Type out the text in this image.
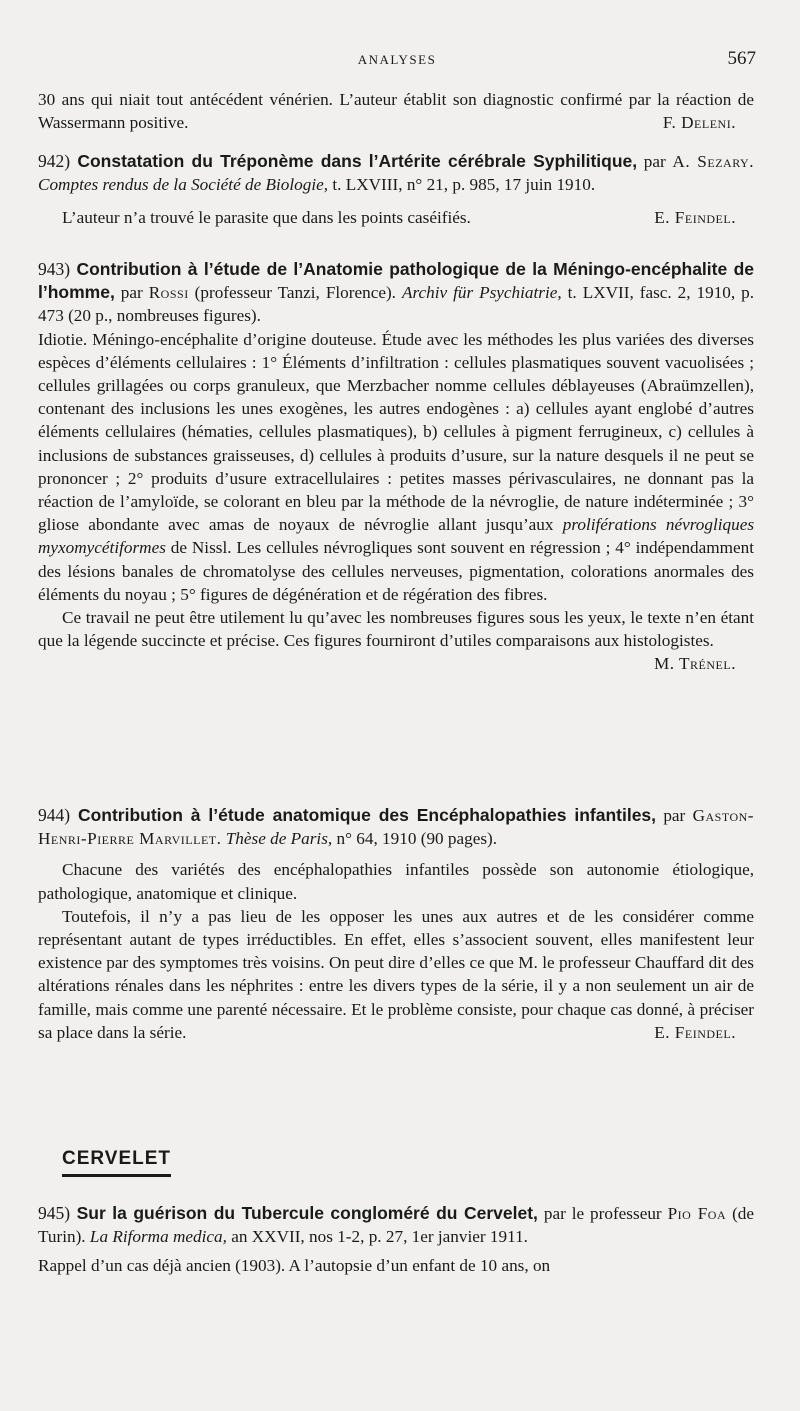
ANALYSES	567

30 ans qui niait tout antécédent vénérien. L’auteur établit son diagnostic confirmé par la réaction de Wassermann positive.	F. Deleni.

942) Constatation du Tréponème dans l’Artérite cérébrale Syphilitique, par A. Sezary. Comptes rendus de la Société de Biologie, t. LXVIII, n° 21, p. 985, 17 juin 1910.

L’auteur n’a trouvé le parasite que dans les points caséifiés.	E. Feindel.

943) Contribution à l’étude de l’Anatomie pathologique de la Méningo-encéphalite de l’homme, par Rossi (professeur Tanzi, Florence). Archiv für Psychiatrie, t. LXVII, fasc. 2, 1910, p. 473 (20 p., nombreuses figures).

Idiotie. Méningo-encéphalite d’origine douteuse. Étude avec les méthodes les plus variées des diverses espèces d’éléments cellulaires : 1° Éléments d’infiltration : cellules plasmatiques souvent vacuolisées ; cellules grillagées ou corps granuleux, que Merzbacher nomme cellules déblayeuses (Abraümzellen), contenant des inclusions les unes exogènes, les autres endogènes : a) cellules ayant englobé d’autres éléments cellulaires (hématies, cellules plasmatiques), b) cellules à pigment ferrugineux, c) cellules à inclusions de substances graisseuses, d) cellules à produits d’usure, sur la nature desquels il ne peut se prononcer ; 2° produits d’usure extracellulaires : petites masses périvasculaires, ne donnant pas la réaction de l’amyloïde, se colorant en bleu par la méthode de la névroglie, de nature indéterminée ; 3° gliose abondante avec amas de noyaux de névroglie allant jusqu’aux proliférations névrogliques myxomycétiformes de Nissl. Les cellules névrogliques sont souvent en régression ; 4° indépendamment des lésions banales de chromatolyse des cellules nerveuses, pigmentation, colorations anormales des éléments du noyau ; 5° figures de dégénération et de régération des fibres.

Ce travail ne peut être utilement lu qu’avec les nombreuses figures sous les yeux, le texte n’en étant que la légende succincte et précise. Ces figures fourniront d’utiles comparaisons aux histologistes.
M. Trénel.

944) Contribution à l’étude anatomique des Encéphalopathies infantiles, par Gaston-Henri-Pierre Marvillet. Thèse de Paris, n° 64, 1910 (90 pages).

Chacune des variétés des encéphalopathies infantiles possède son autonomie étiologique, pathologique, anatomique et clinique.

Toutefois, il n’y a pas lieu de les opposer les unes aux autres et de les considérer comme représentant autant de types irréductibles. En effet, elles s’associent souvent, elles manifestent leur existence par des symptomes très voisins. On peut dire d’elles ce que M. le professeur Chauffard dit des altérations rénales dans les néphrites : entre les divers types de la série, il y a non seulement un air de famille, mais comme une parenté nécessaire. Et le problème consiste, pour chaque cas donné, à préciser sa place dans la série.	E. Feindel.

CERVELET

945) Sur la guérison du Tubercule congloméré du Cervelet, par le professeur Pio Foa (de Turin). La Riforma medica, an XXVII, nos 1-2, p. 27, 1er janvier 1911.

Rappel d’un cas déjà ancien (1903). A l’autopsie d’un enfant de 10 ans, on
